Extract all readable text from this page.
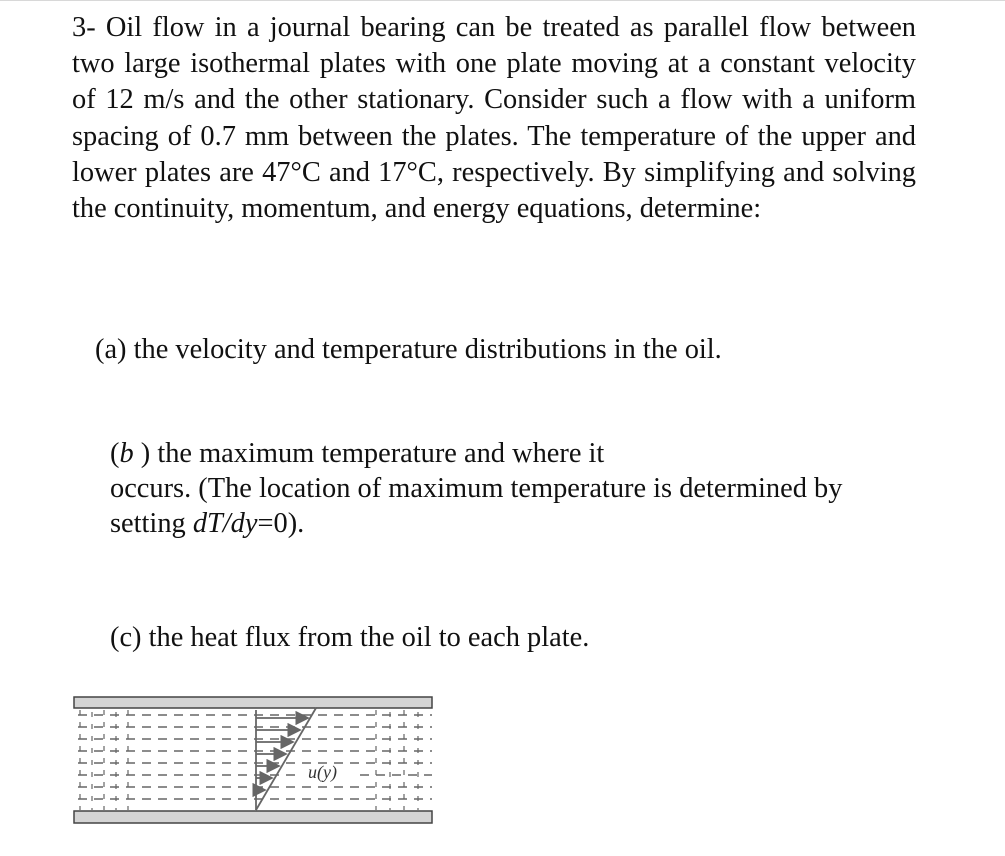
3- Oil flow in a journal bearing can be treated as parallel flow between two large isothermal plates with one plate moving at a constant velocity of 12 m/s and the other stationary. Consider such a flow with a uniform spacing of 0.7 mm between the plates. The temperature of the upper and lower plates are 47°C and 17°C, respectively. By simplifying and solving the continuity, momentum, and energy equations, determine:

(a) the velocity and temperature distributions in the oil.

(b ) the maximum temperature and where it
occurs. (The location of maximum temperature is determined by
setting dT/dy=0).

(c) the heat flux from the oil to each plate.

u(y)
